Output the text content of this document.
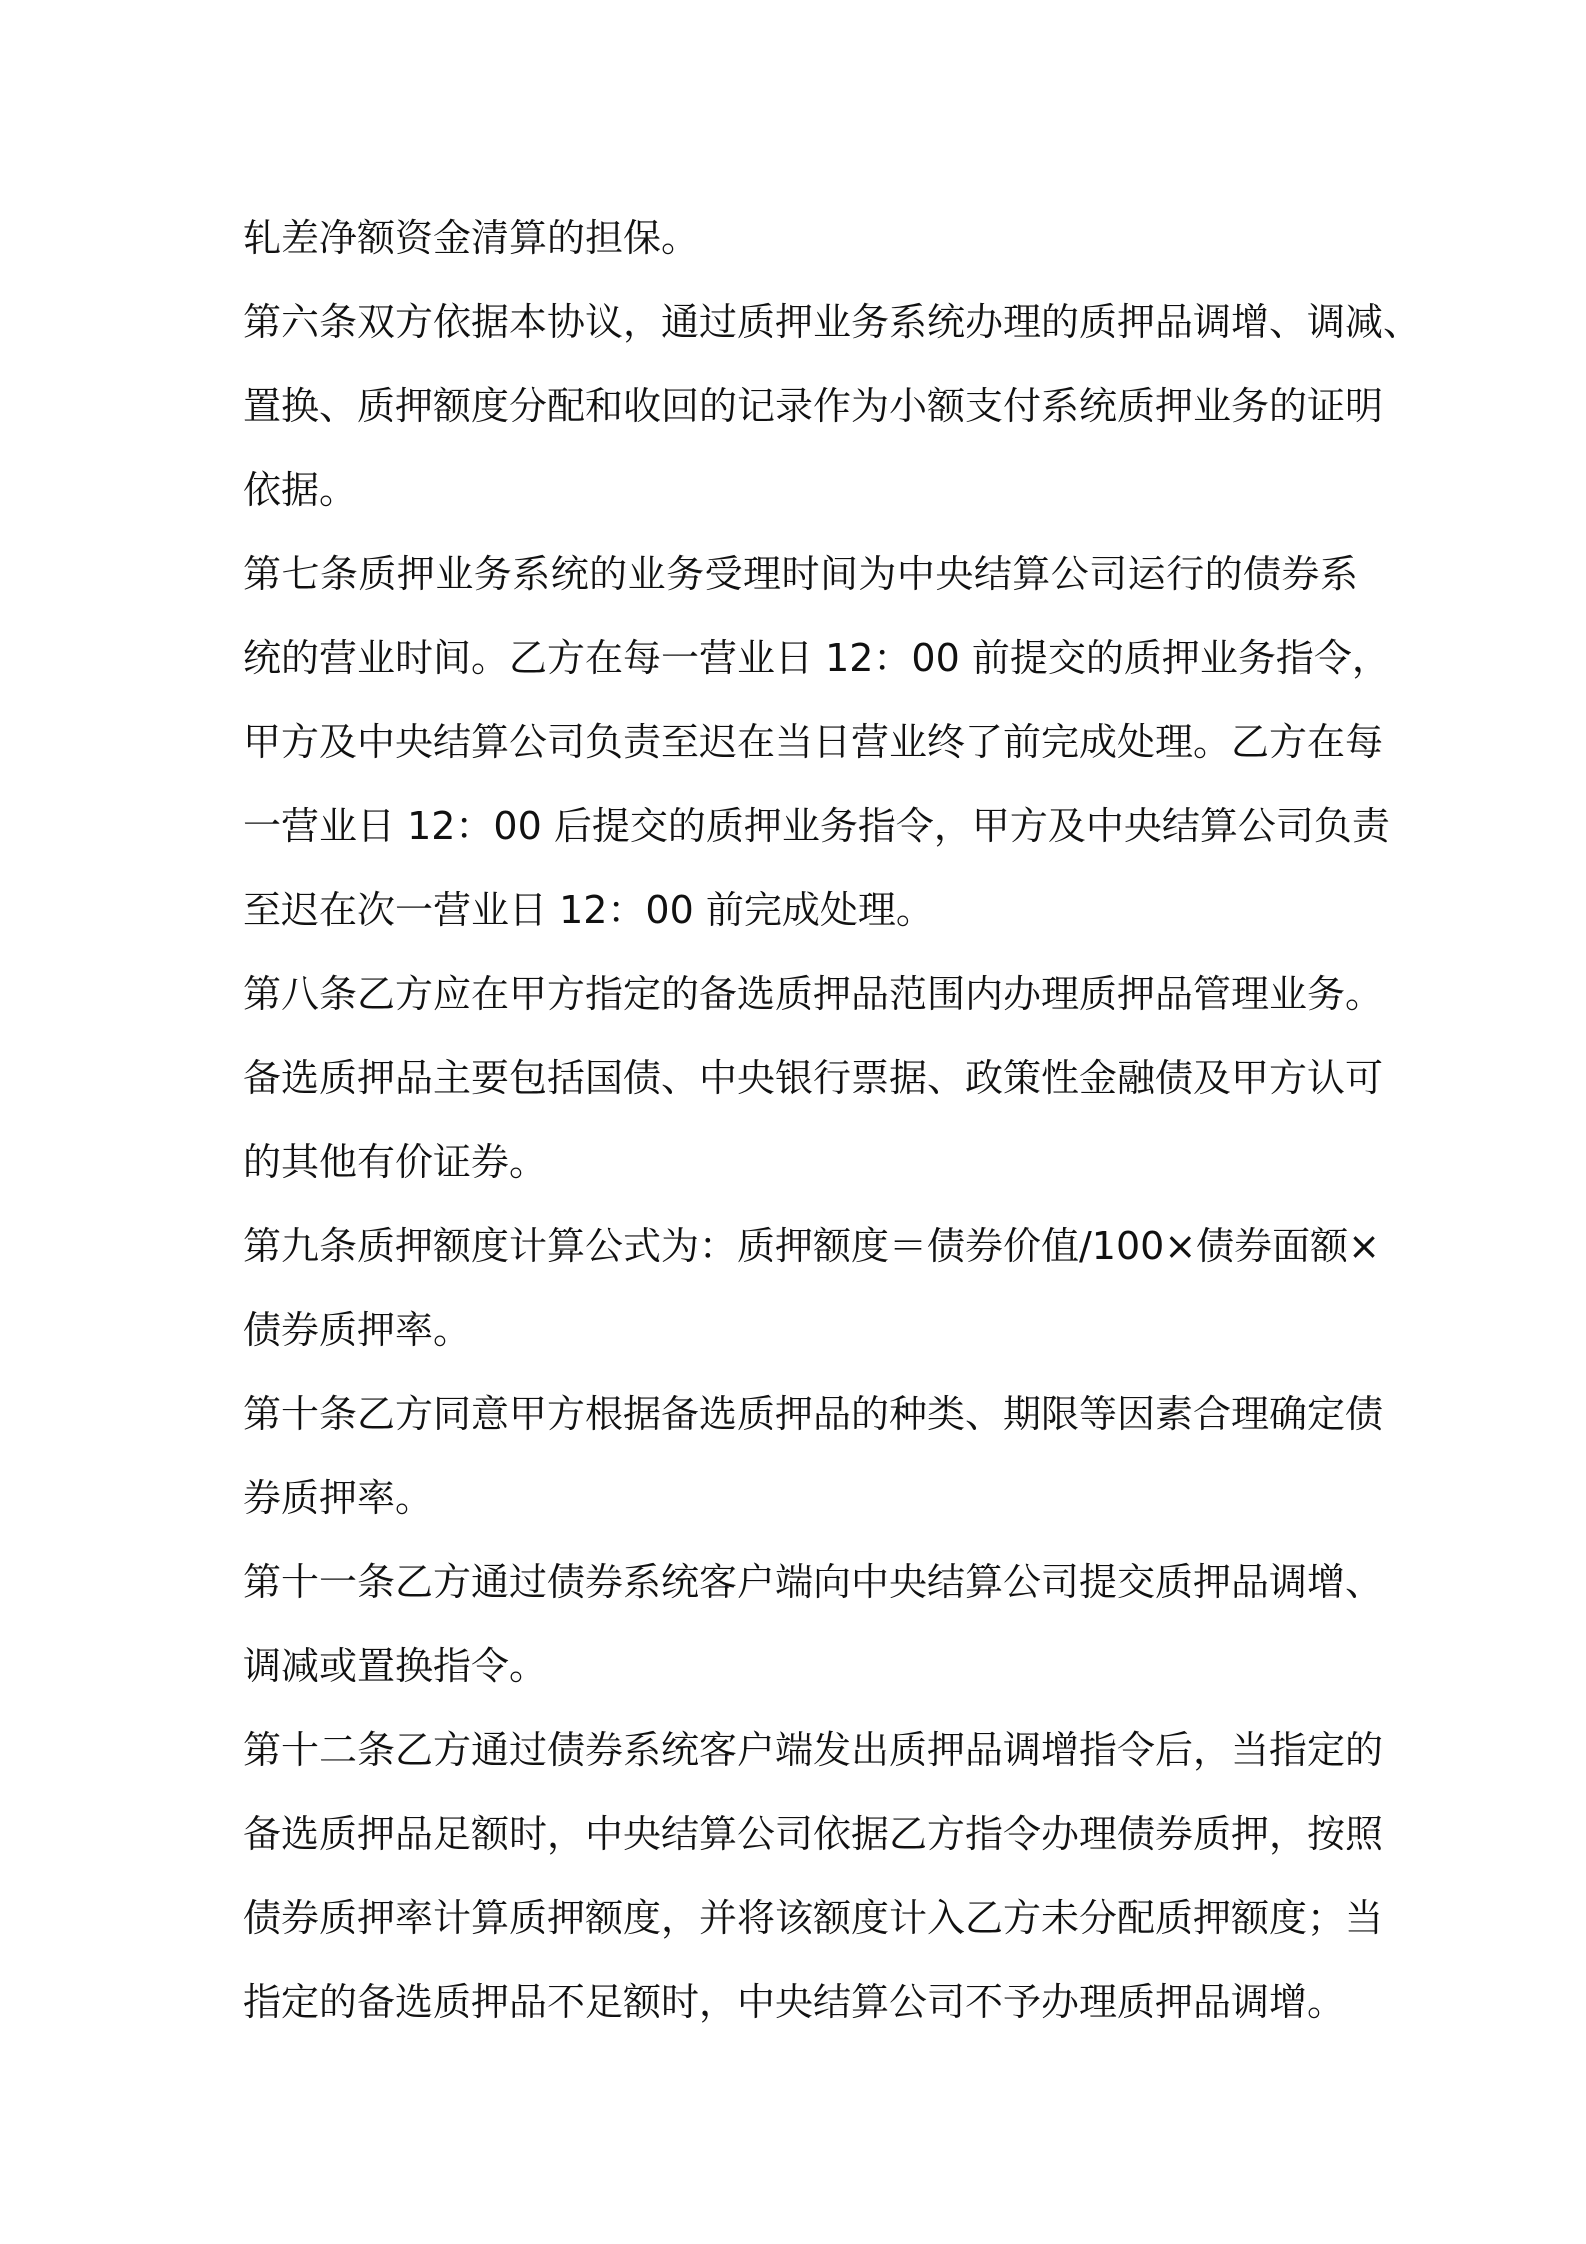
轧差净额资金清算的担保。
第六条双方依据本协议，通过质押业务系统办理的质押品调增、调减、
置换、质押额度分配和收回的记录作为小额支付系统质押业务的证明
依据。
第七条质押业务系统的业务受理时间为中央结算公司运行的债券系
统的营业时间。乙方在每一营业日 12：00 前提交的质押业务指令，
甲方及中央结算公司负责至迟在当日营业终了前完成处理。乙方在每
一营业日 12：00 后提交的质押业务指令，甲方及中央结算公司负责
至迟在次一营业日 12：00 前完成处理。
第八条乙方应在甲方指定的备选质押品范围内办理质押品管理业务。
备选质押品主要包括国债、中央银行票据、政策性金融债及甲方认可
的其他有价证券。
第九条质押额度计算公式为：质押额度＝债券价值/100×债券面额×
债券质押率。
第十条乙方同意甲方根据备选质押品的种类、期限等因素合理确定债
券质押率。
第十一条乙方通过债券系统客户端向中央结算公司提交质押品调增、
调减或置换指令。
第十二条乙方通过债券系统客户端发出质押品调增指令后，当指定的
备选质押品足额时，中央结算公司依据乙方指令办理债券质押，按照
债券质押率计算质押额度，并将该额度计入乙方未分配质押额度；当
指定的备选质押品不足额时，中央结算公司不予办理质押品调增。
